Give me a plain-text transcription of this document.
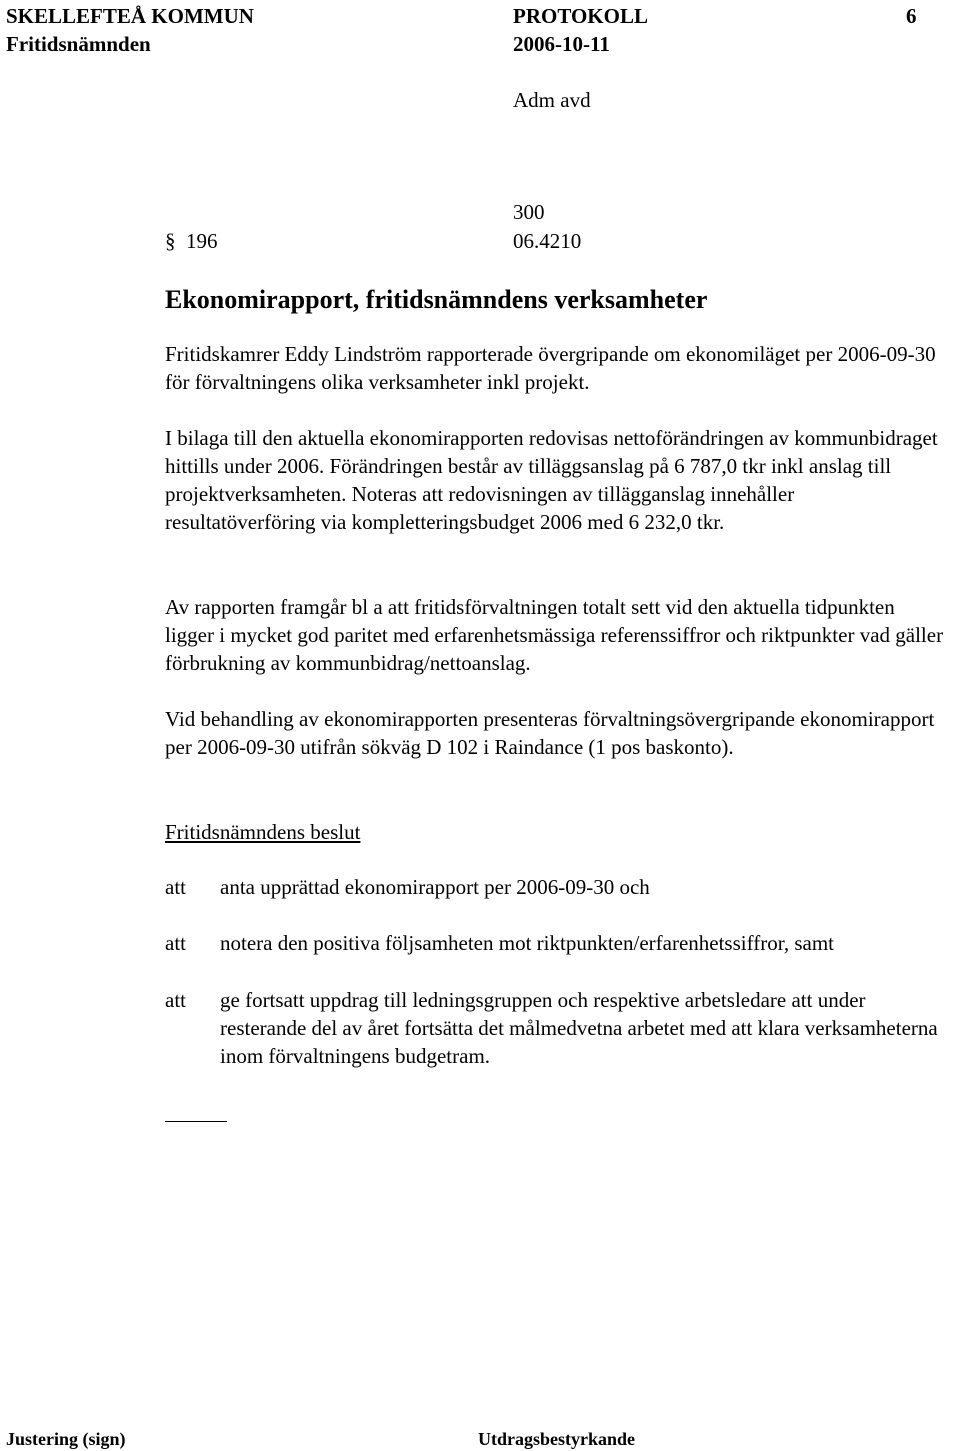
SKELLEFTEÅ KOMMUN	PROTOKOLL	6
Fritidsnämnden	2006-10-11
Adm avd
300
§ 196	06.4210
Ekonomirapport, fritidsnämndens verksamheter

Fritidskamrer Eddy Lindström rapporterade övergripande om ekonomiläget per 2006-09-30 för förvaltningens olika verksamheter inkl projekt.

I bilaga till den aktuella ekonomirapporten redovisas nettoförändringen av kommunbidraget hittills under 2006. Förändringen består av tilläggsanslag på 6 787,0 tkr inkl anslag till projektverksamheten. Noteras att redovisningen av tillägganslag innehåller resultatöverföring via kompletteringsbudget 2006 med 6 232,0 tkr.

Av rapporten framgår bl a att fritidsförvaltningen totalt sett vid den aktuella tidpunkten ligger i mycket god paritet med erfarenhetsmässiga referenssiffror och riktpunkter vad gäller förbrukning av kommunbidrag/nettoanslag.

Vid behandling av ekonomirapporten presenteras förvaltningsövergripande ekonomirapport per 2006-09-30 utifrån sökväg D 102 i Raindance (1 pos baskonto).

Fritidsnämndens beslut
att anta upprättad ekonomirapport per 2006-09-30 och
att notera den positiva följsamheten mot riktpunkten/erfarenhetssiffror, samt
att ge fortsatt uppdrag till ledningsgruppen och respektive arbetsledare att under resterande del av året fortsätta det målmedvetna arbetet med att klara verksamheterna inom förvaltningens budgetram.
Justering (sign)	Utdragsbestyrkande
